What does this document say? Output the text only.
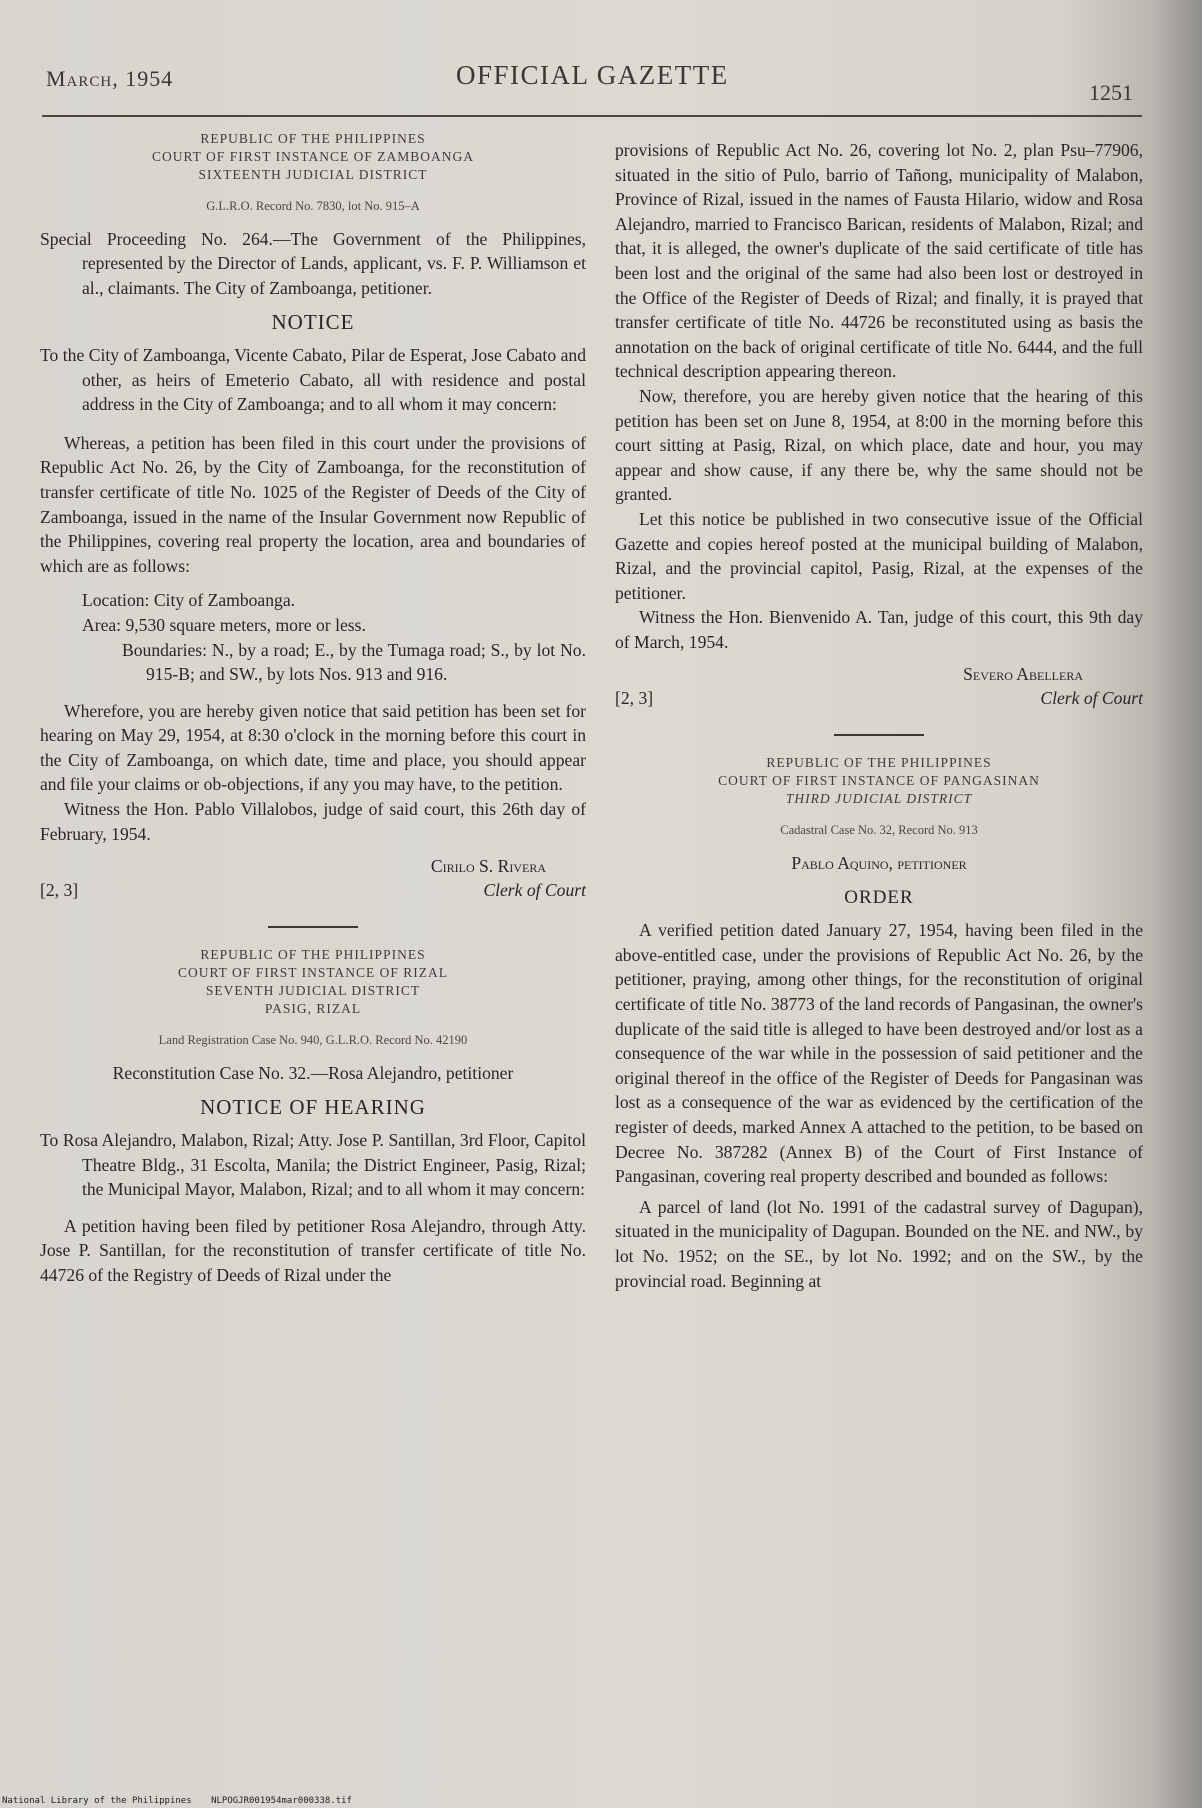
March, 1954	OFFICIAL GAZETTE
1251
REPUBLIC OF THE PHILIPPINES
COURT OF FIRST INSTANCE OF ZAMBOANGA
SIXTEENTH JUDICIAL DISTRICT
G.L.R.O. Record No. 7830, lot No. 915–A

Special Proceeding No. 264.—The Government of the Philippines, represented by the Director of Lands, applicant, vs. F. P. Williamson et al., claimants. The City of Zamboanga, petitioner.

NOTICE

To the City of Zamboanga, Vicente Cabato, Pilar de Esperat, Jose Cabato and other, as heirs of Emeterio Cabato, all with residence and postal address in the City of Zamboanga; and to all whom it may concern:

Whereas, a petition has been filed in this court under the provisions of Republic Act No. 26, by the City of Zamboanga, for the reconstitution of transfer certificate of title No. 1025 of the Register of Deeds of the City of Zamboanga, issued in the name of the Insular Government now Republic of the Philippines, covering real property the location, area and boundaries of which are as follows:

Location: City of Zamboanga.

Area: 9,530 square meters, more or less.

Boundaries: N., by a road; E., by the Tumaga road; S., by lot No. 915-B; and SW., by lots Nos. 913 and 916.

Wherefore, you are hereby given notice that said petition has been set for hearing on May 29, 1954, at 8:30 o'clock in the morning before this court in the City of Zamboanga, on which date, time and place, you should appear and file your claims or ob-objections, if any you may have, to the petition.

Witness the Hon. Pablo Villalobos, judge of said court, this 26th day of February, 1954.

Cirilo S. Rivera
[2, 3]	Clerk of Court
REPUBLIC OF THE PHILIPPINES
COURT OF FIRST INSTANCE OF RIZAL
SEVENTH JUDICIAL DISTRICT
PASIG, RIZAL
Land Registration Case No. 940, G.L.R.O. Record No. 42190

Reconstitution Case No. 32.—Rosa Alejandro, petitioner

NOTICE OF HEARING

To Rosa Alejandro, Malabon, Rizal; Atty. Jose P. Santillan, 3rd Floor, Capitol Theatre Bldg., 31 Escolta, Manila; the District Engineer, Pasig, Rizal; the Municipal Mayor, Malabon, Rizal; and to all whom it may concern:

A petition having been filed by petitioner Rosa Alejandro, through Atty. Jose P. Santillan, for the reconstitution of transfer certificate of title No. 44726 of the Registry of Deeds of Rizal under the

provisions of Republic Act No. 26, covering lot No. 2, plan Psu–77906, situated in the sitio of Pulo, barrio of Tañong, municipality of Malabon, Province of Rizal, issued in the names of Fausta Hilario, widow and Rosa Alejandro, married to Francisco Barican, residents of Malabon, Rizal; and that, it is alleged, the owner's duplicate of the said certificate of title has been lost and the original of the same had also been lost or destroyed in the Office of the Register of Deeds of Rizal; and finally, it is prayed that transfer certificate of title No. 44726 be reconstituted using as basis the annotation on the back of original certificate of title No. 6444, and the full technical description appearing thereon.

Now, therefore, you are hereby given notice that the hearing of this petition has been set on June 8, 1954, at 8:00 in the morning before this court sitting at Pasig, Rizal, on which place, date and hour, you may appear and show cause, if any there be, why the same should not be granted.

Let this notice be published in two consecutive issue of the Official Gazette and copies hereof posted at the municipal building of Malabon, Rizal, and the provincial capitol, Pasig, Rizal, at the expenses of the petitioner.

Witness the Hon. Bienvenido A. Tan, judge of this court, this 9th day of March, 1954.

Severo Abellera
[2, 3]	Clerk of Court
REPUBLIC OF THE PHILIPPINES
COURT OF FIRST INSTANCE OF PANGASINAN
THIRD JUDICIAL DISTRICT
Cadastral Case No. 32, Record No. 913

Pablo Aquino, petitioner

ORDER

A verified petition dated January 27, 1954, having been filed in the above-entitled case, under the provisions of Republic Act No. 26, by the petitioner, praying, among other things, for the reconstitution of original certificate of title No. 38773 of the land records of Pangasinan, the owner's duplicate of the said title is alleged to have been destroyed and/or lost as a consequence of the war while in the possession of said petitioner and the original thereof in the office of the Register of Deeds for Pangasinan was lost as a consequence of the war as evidenced by the certification of the register of deeds, marked Annex A attached to the petition, to be based on Decree No. 387282 (Annex B) of the Court of First Instance of Pangasinan, covering real property described and bounded as follows:

A parcel of land (lot No. 1991 of the cadastral survey of Dagupan), situated in the municipality of Dagupan. Bounded on the NE. and NW., by lot No. 1952; on the SE., by lot No. 1992; and on the SW., by the provincial road. Beginning at

National Library of the Philippines NLPOGJR001954mar000338.tif
